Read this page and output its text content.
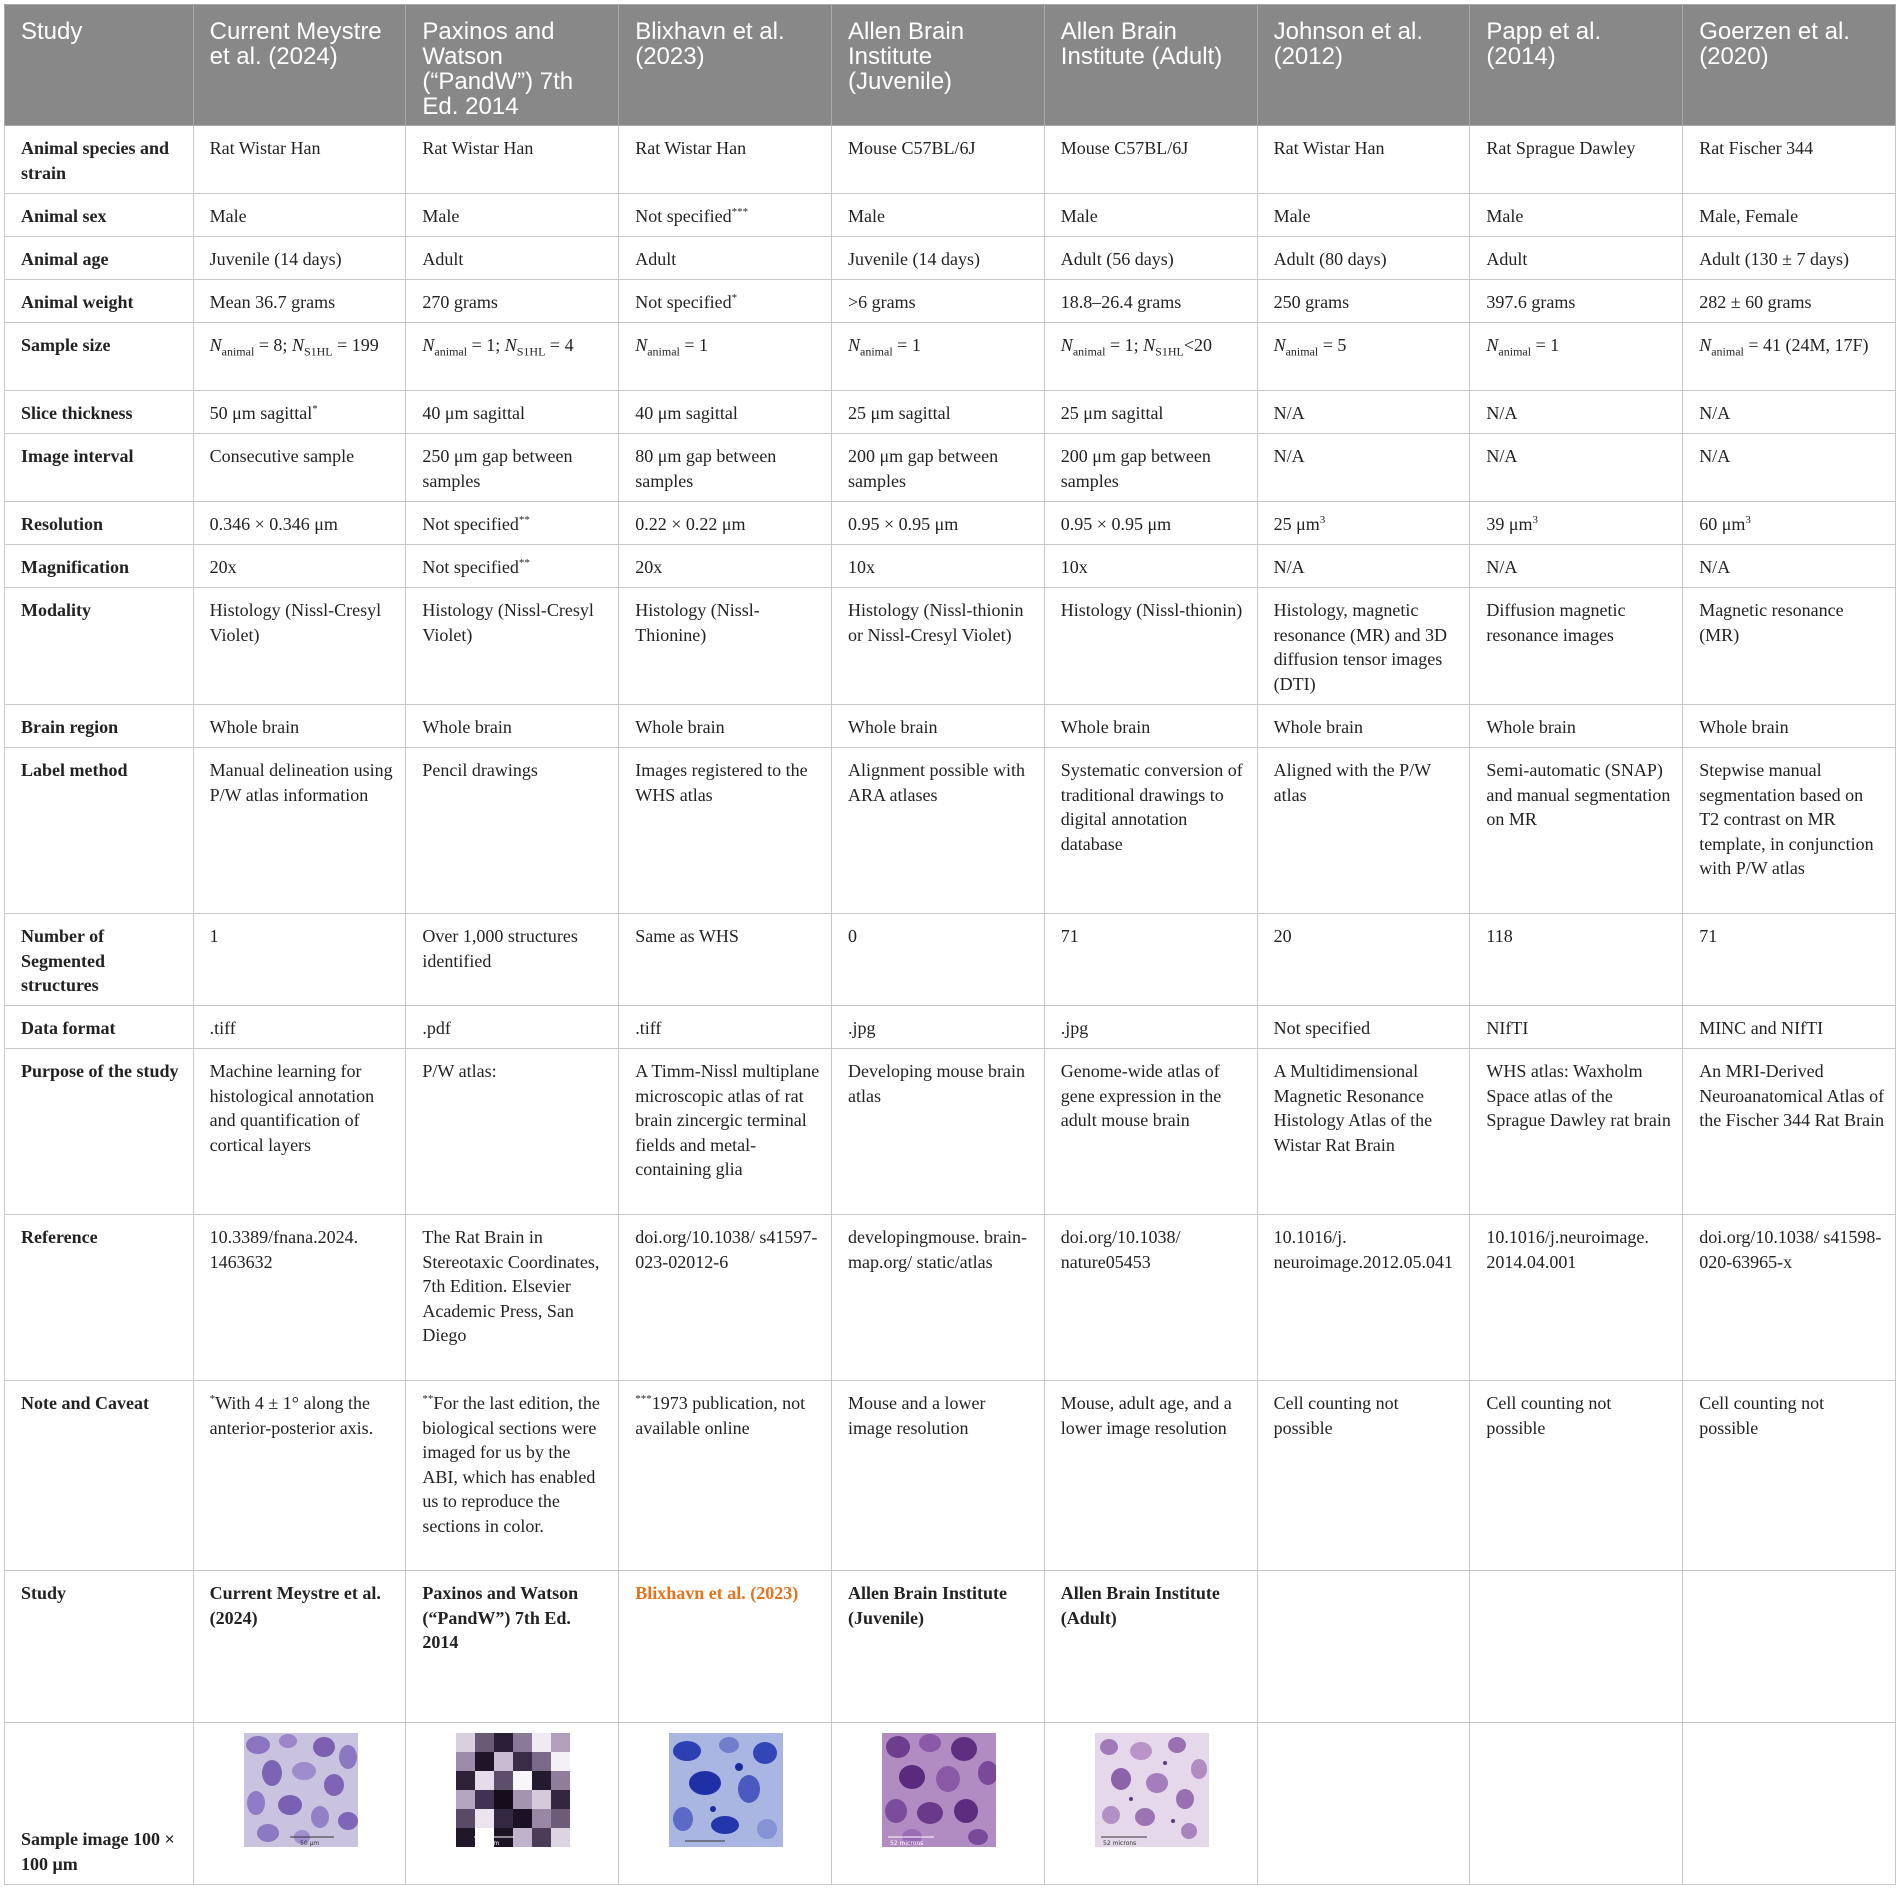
Study	Current Meystre et al. (2024)	Paxinos and Watson (“PandW”) 7th Ed. 2014	Blixhavn et al. (2023)	Allen Brain Institute (Juvenile)	Allen Brain Institute (Adult)	Johnson et al. (2012)	Papp et al. (2014)	Goerzen et al. (2020)
Animal species and strain	Rat Wistar Han	Rat Wistar Han	Rat Wistar Han	Mouse C57BL/6J	Mouse C57BL/6J	Rat Wistar Han	Rat Sprague Dawley	Rat Fischer 344
Animal sex	Male	Male	Not specified***	Male	Male	Male	Male	Male, Female
Animal age	Juvenile (14 days)	Adult	Adult	Juvenile (14 days)	Adult (56 days)	Adult (80 days)	Adult	Adult (130 ± 7 days)
Animal weight	Mean 36.7 grams	270 grams	Not specified*	>6 grams	18.8–26.4 grams	250 grams	397.6 grams	282 ± 60 grams
Sample size	$N_{animal} = 8$; $N_{S1HL} = 199$	$N_{animal} = 1$; $N_{S1HL} = 4$	$N_{animal} = 1$	$N_{animal} = 1$	$N_{animal} = 1$; $N_{S1HL}<20$	$N_{animal} = 5$	$N_{animal} = 1$	$N_{animal} = 41$ (24M, 17F)
Slice thickness	50 μm sagittal*	40 μm sagittal	40 μm sagittal	25 μm sagittal	25 μm sagittal	N/A	N/A	N/A
Image interval	Consecutive sample	250 μm gap between samples	80 μm gap between samples	200 μm gap between samples	200 μm gap between samples	N/A	N/A	N/A
Resolution	0.346 × 0.346 μm	Not specified**	0.22 × 0.22 μm	0.95 × 0.95 μm	0.95 × 0.95 μm	25 $\mu m^3$	39 $\mu m^3$	60 $\mu m^3$
Magnification	20x	Not specified**	20x	10x	10x	N/A	N/A	N/A
Modality	Histology (Nissl-Cresyl Violet)	Histology (Nissl-Cresyl Violet)	Histology (Nissl-Thionine)	Histology (Nissl-thionin or Nissl-Cresyl Violet)	Histology (Nissl-thionin)	Histology, magnetic resonance (MR) and 3D diffusion tensor images (DTI)	Diffusion magnetic resonance images	Magnetic resonance (MR)
Brain region	Whole brain	Whole brain	Whole brain	Whole brain	Whole brain	Whole brain	Whole brain	Whole brain
Label method	Manual delineation using P/W atlas information	Pencil drawings	Images registered to the WHS atlas	Alignment possible with ARA atlases	Systematic conversion of traditional drawings to digital annotation database	Aligned with the P/W atlas	Semi-automatic (SNAP) and manual segmentation on MR	Stepwise manual segmentation based on T2 contrast on MR template, in conjunction with P/W atlas
Number of Segmented structures	1	Over 1,000 structures identified	Same as WHS	0	71	20	118	71
Data format	.tiff	.pdf	.tiff	.jpg	.jpg	Not specified	NIfTI	MINC and NIfTI
Purpose of the study	Machine learning for histological annotation and quantification of cortical layers	P/W atlas:	A Timm-Nissl multiplane microscopic atlas of rat brain zincergic terminal fields and metal-containing glia	Developing mouse brain atlas	Genome-wide atlas of gene expression in the adult mouse brain	A Multidimensional Magnetic Resonance Histology Atlas of the Wistar Rat Brain	WHS atlas: Waxholm Space atlas of the Sprague Dawley rat brain	An MRI-Derived Neuroanatomical Atlas of the Fischer 344 Rat Brain
Reference	10.3389/fnana.2024. 1463632	The Rat Brain in Stereotaxic Coordinates, 7th Edition. Elsevier Academic Press, San Diego	doi.org/10.1038/ s41597-023-02012-6	developingmouse. brain-map.org/ static/atlas	doi.org/10.1038/ nature05453	10.1016/j. neuroimage.2012.05.041	10.1016/j.neuroimage. 2014.04.001	doi.org/10.1038/ s41598-020-63965-x
Note and Caveat	*With 4 ± 1° along the anterior-posterior axis.	**For the last edition, the biological sections were imaged for us by the ABI, which has enabled us to reproduce the sections in color.	***1973 publication, not available online	Mouse and a lower image resolution	Mouse, adult age, and a lower image resolution	Cell counting not possible	Cell counting not possible	Cell counting not possible
Study	Current Meystre et al. (2024)	Paxinos and Watson (“PandW”) 7th Ed. 2014	Blixhavn et al. (2023)	Allen Brain Institute (Juvenile)	Allen Brain Institute (Adult)			
Sample image 100 × 100 μm	50 μm	50 μm		52 microns	52 microns			
